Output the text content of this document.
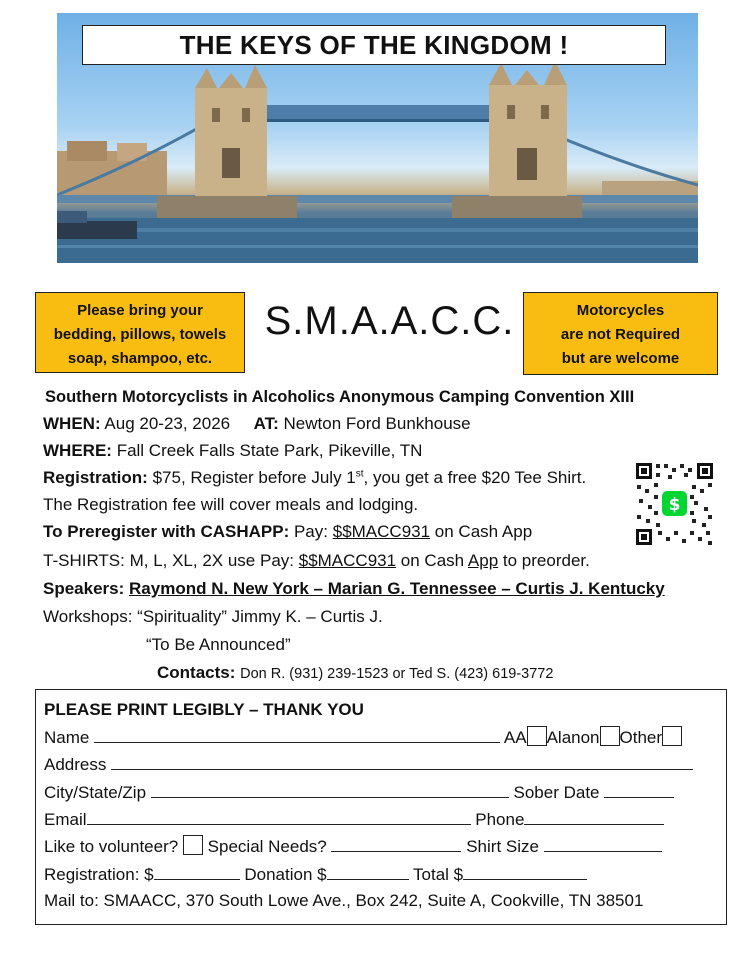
THE KEYS OF THE KINGDOM !
Please bring your
bedding, pillows, towels
soap, shampoo, etc.
S.M.A.A.C.C.	Motorcycles
are not Required
but are welcome
Southern Motorcyclists in Alcoholics Anonymous Camping Convention XIII
WHEN: Aug 20-23, 2026 AT: Newton Ford Bunkhouse
WHERE: Fall Creek Falls State Park, Pikeville, TN
Registration: $75, Register before July 1st, you get a free $20 Tee Shirt.
The Registration fee will cover meals and lodging.
To Preregister with CASHAPP: Pay: $$MACC931 on Cash App
T-SHIRTS: M, L, XL, 2X use Pay: $$MACC931 on Cash App to preorder.
Speakers: Raymond N. New York – Marian G. Tennessee – Curtis J. Kentucky
Workshops: “Spirituality” Jimmy K. – Curtis J.
“To Be Announced”
Contacts: Don R. (931) 239-1523 or Ted S. (423) 619-3772
$
PLEASE PRINT LEGIBLY – THANK YOU
Name	AA Alanon Other
Address
City/State/Zip	Sober Date
Email	Phone
Like to volunteer? Special Needs?	Shirt Size
Registration: $	Donation $	Total $
Mail to: SMAACC, 370 South Lowe Ave., Box 242, Suite A, Cookville, TN 38501
